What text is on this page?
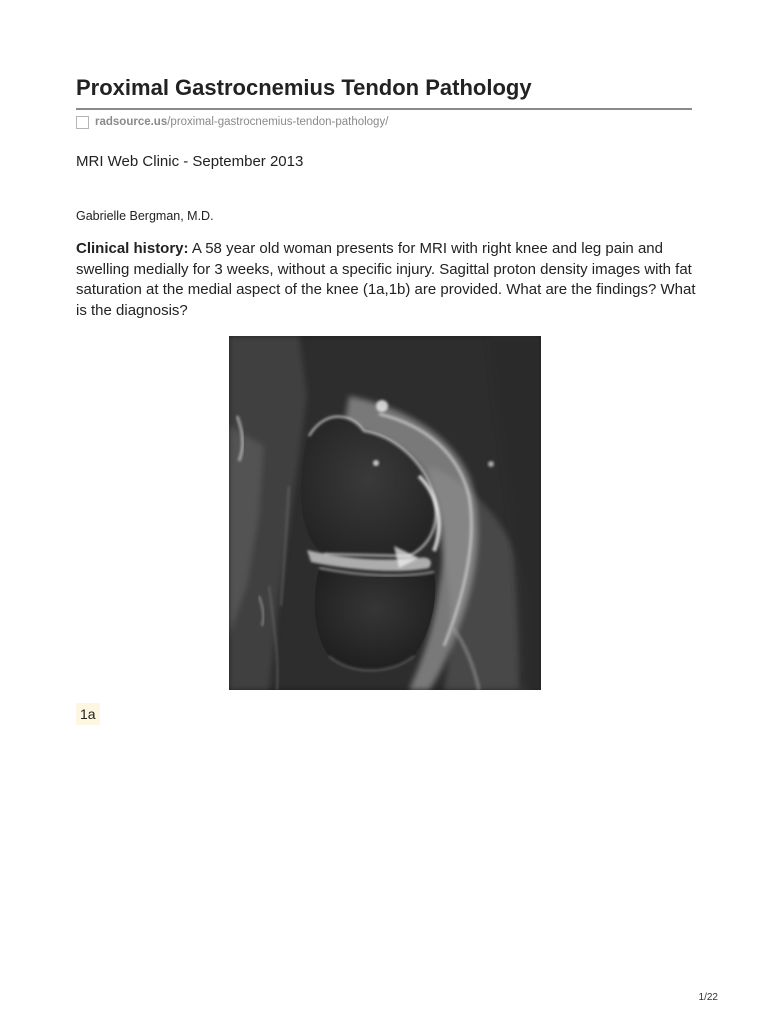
Proximal Gastrocnemius Tendon Pathology
radsource.us /proximal-gastrocnemius-tendon-pathology/
MRI Web Clinic - September 2013
Gabrielle Bergman, M.D.

Clinical history: A 58 year old woman presents for MRI with right knee and leg pain and swelling medially for 3 weeks, without a specific injury. Sagittal proton density images with fat saturation at the medial aspect of the knee (1a,1b) are provided. What are the findings? What is the diagnosis?

1a
1/22
